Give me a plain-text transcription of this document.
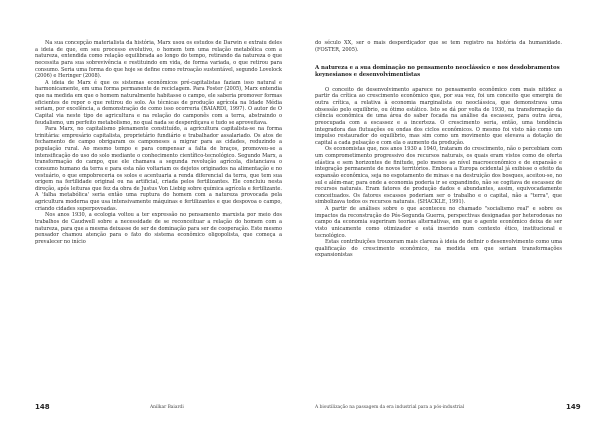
Na sua concepção materialista da história, Marx usou os estudos de Darwin e extraiu deles a ideia de que, em seu processo evolutivo, o homem tem uma relação metabólica com a natureza, entendida como relação equilibrada ao longo do tempo, retirando da natureza o que necessita para sua sobrevivência e restituindo em vida, de forma variada, o que retirou para consumo. Seria uma forma do que hoje se define como retroação sustentável, segundo Lovelock (2006) e Heringer (2008).

A ideia de Marx é que os sistemas econômicos pré-capitalistas faziam isso natural e harmonicamente, em uma forma permanente de reciclagem. Para Foster (2005), Marx entendia que na medida em que o homem naturalmente habitasse o campo, ele saberia promover formas eficientes de repor o que retirou do solo. As técnicas de produção agrícola na Idade Média seriam, por excelência, a demonstração de como isso ocorreria (BAIARDI, 1997). O autor de O Capital via neste tipo de agricultura e na relação do camponês com a terra, abstraindo o feudalismo, um perfeito metabolismo, no qual nada se desperdiçava e tudo se aproveitava.

Para Marx, no capitalismo plenamente constituído, a agricultura capitalista-se na forma trinitária: empresário capitalista, proprietário fundiário e trabalhador assalariado. Os atos de fechamento de campo obrigaram os camponeses a migrar para as cidades, reduzindo a população rural. Ao mesmo tempo e para compensar a falta de braços, promoveu-se a intensificação do uso do solo mediante o conhecimento científico-tecnológico. Segundo Marx, a transformação do campo, que ele chamava a segunda revolução agrícola, distanciava o consumo humano da terra e para esta não voltariam os dejetos originados na alimentação e no vestuário, o que empobreceria os solos e acentuaria a renda diferencial da terra, que tem sua origem na fertilidade original ou na artificial, criada pelos fertilizantes. Ele concluiu nesta direção, após leituras que fez da obra de Justus Von Liebig sobre química agrícola e fertilizante. A 'falha metabólica' seria então uma ruptura do homem com a natureza provocada pela agricultura moderna que usa intensivamente máquinas e fertilizantes e que despovoa o campo, criando cidades superpovoadas.

Nos anos 1930, a ecologia voltou a ter expressão no pensamento marxista por meio dos trabalhos de Caudwell sobre a necessidade de se reconceituar a relação do homem com a natureza, para que a mesma deixasse de ser de dominação para ser de cooperação. Este mesmo pensador chamou atenção para o fato do sistema econômico oligopolista, que começa a prevalecer no início

do século XX, ser o mais desperdiçador que se tem registro na história da humanidade. (FOSTER, 2005).

A natureza e a sua dominação no pensamento neoclássico e nos desdobramentos keynesianos e desenvolvimentistas

O conceito de desenvolvimento aparece no pensamento econômico com mais nitidez a partir da crítica ao crescimento econômico que, por sua vez, foi um conceito que emergiu de outra crítica, a relativa à economia marginalista ou neoclássica, que demonstrava uma obsessão pelo equilíbrio, ou ótimo estático. Isto se dá por volta de 1930, na transformação da ciência econômica de uma área do saber focada na análise da escassez, para outra área, preocupada com a escassez e a incerteza. O crescimento seria, então, uma tendência integradora das flutuações ou ondas dos ciclos econômicos. O mesmo foi visto não como um impulso restaurador do equilíbrio, mas sim como um movimento que elevava a dotação de capital a cada pulsação e com ela o aumento da produção.

Os economistas que, nos anos 1930 a 1940, trataram do crescimento, não o percebiam com um comprometimento progressivo dos recursos naturais, os quais eram vistos como de oferta elástica e sem horizontes de finitude, pelo menos ao nível macroeconômico e de expansão e integração permanente de novos territórios. Embora a Europa ocidental já exibisse o efeito da expansão econômica, seja no esgotamento de minas e na destruição dos bosques, aceitou-se, no sul e além-mar, para onde a economia poderia ir se expandindo, não se cogitava de escassez de recursos naturais. Eram fatores de produção dados e abundantes, assim, equivocadamente conceituados. Os fatores escassos poderiam ser o trabalho e o capital, não a "terra", que simbolizava todos os recursos naturais. (SHACKLE, 1991).

A partir de análises sobre o que aconteceu no chamado "socialismo real" e sobre os impactos da reconstrução do Pós-Segunda Guerra, perspectivas designadas por heterodoxas no campo da economia sugeriram teorias alternativas, em que o agente econômico deixa de ser visto unicamente como otimizador e está inserido num contexto ético, institucional e tecnológico.

Estas contribuições trouxeram mais clareza à ideia de definir o desenvolvimento como uma qualificação do crescimento econômico, na medida em que seriam transformações expansionistas

148	Anilkar Baiardi	A bioutilização na passagem da era industrial para a pós-industrial	149
